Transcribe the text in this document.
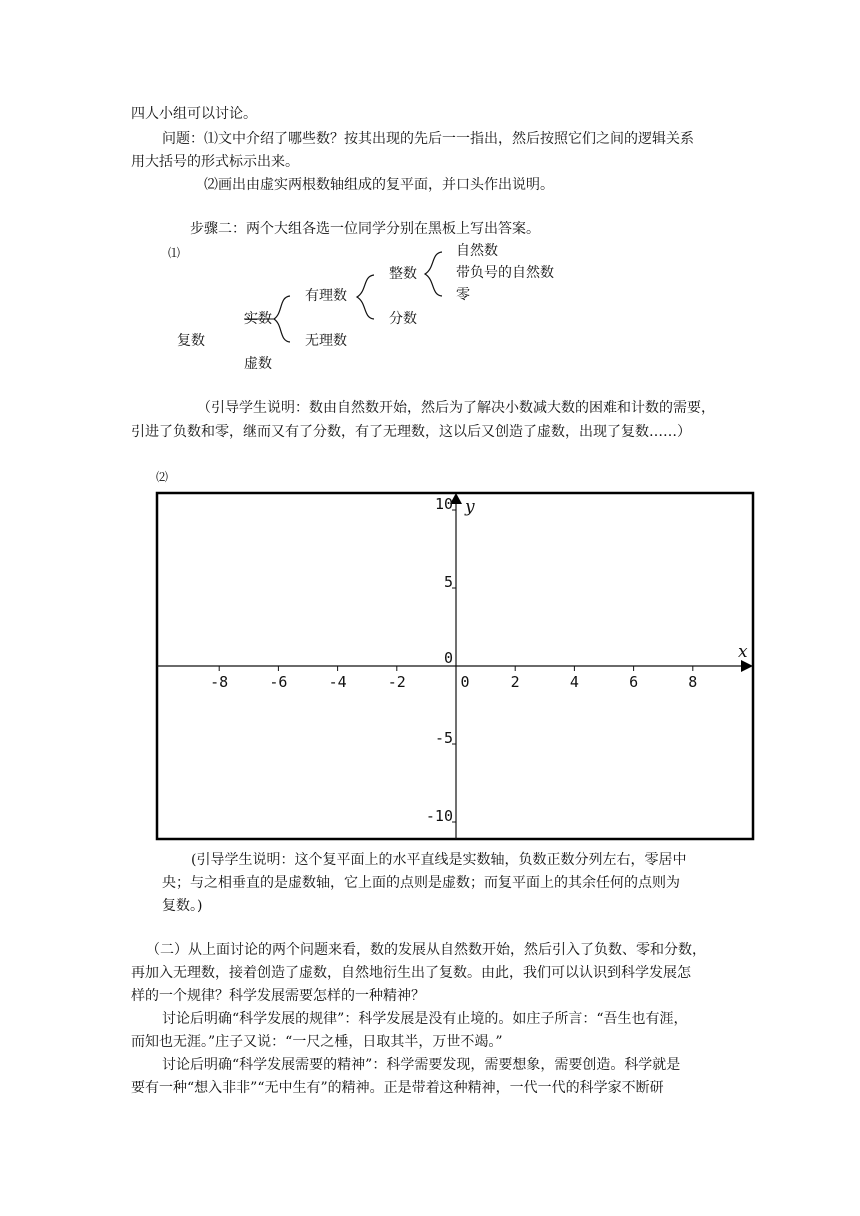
四人小组可以讨论。
问题：⑴文中介绍了哪些数？按其出现的先后一一指出，然后按照它们之间的逻辑关系
用大括号的形式标示出来。
⑵画出由虚实两根数轴组成的复平面，并口头作出说明。
步骤二：两个大组各选一位同学分别在黑板上写出答案。
⑴
复数
实数
虚数
有理数
无理数
整数
分数
自然数
带负号的自然数
零
（引导学生说明：数由自然数开始，然后为了解决小数减大数的困难和计数的需要，
引进了负数和零，继而又有了分数，有了无理数，这以后又创造了虚数，出现了复数……）
⑵
x
y
-8	-6	-4	-2	0	2	4	6	8
10
5
0
-5
-10
(引导学生说明：这个复平面上的水平直线是实数轴，负数正数分列左右，零居中
央；与之相垂直的是虚数轴，它上面的点则是虚数；而复平面上的其余任何的点则为
复数。)
（二）从上面讨论的两个问题来看，数的发展从自然数开始，然后引入了负数、零和分数，
再加入无理数，接着创造了虚数，自然地衍生出了复数。由此，我们可以认识到科学发展怎
样的一个规律？科学发展需要怎样的一种精神？
讨论后明确“科学发展的规律”：科学发展是没有止境的。如庄子所言：“吾生也有涯，
而知也无涯。”庄子又说：“一尺之棰，日取其半，万世不竭。”
讨论后明确“科学发展需要的精神”：科学需要发现，需要想象，需要创造。科学就是
要有一种“想入非非”“无中生有”的精神。正是带着这种精神，一代一代的科学家不断研
